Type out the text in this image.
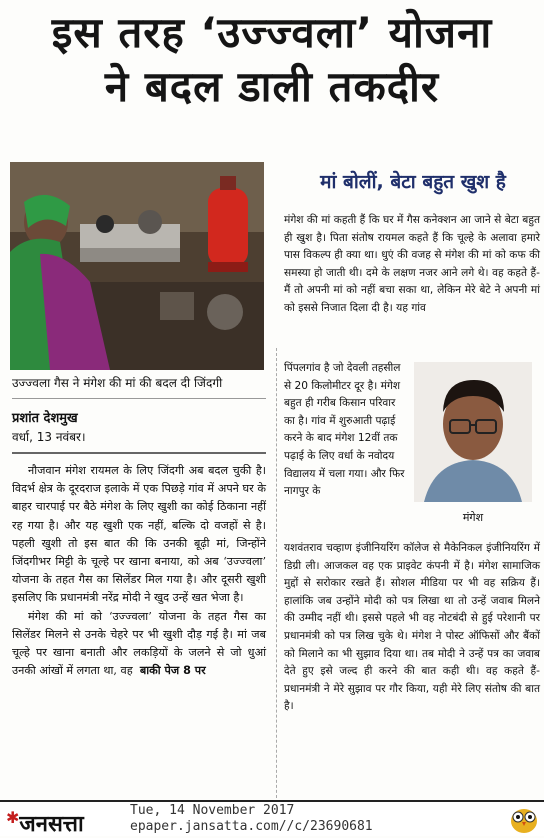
इस तरह ‘उज्ज्वला’ योजना
ने बदल डाली तकदीर
उज्ज्वला गैस ने मंगेश की मां की बदल दी जिंदगी
प्रशांत देशमुख
वर्धा, 13 नवंबर।

नौजवान मंगेश रायमल के लिए जिंदगी अब बदल चुकी है। विदर्भ क्षेत्र के दूरदराज इलाके में एक पिछड़े गांव में अपने घर के बाहर चारपाई पर बैठे मंगेश के लिए खुशी का कोई ठिकाना नहीं रह गया है। और यह खुशी एक नहीं, बल्कि दो वजहों से है। पहली खुशी तो इस बात की कि उनकी बूढ़ी मां, जिन्होंने जिंदगीभर मिट्टी के चूल्हे पर खाना बनाया, को अब ‘उज्ज्वला’ योजना के तहत गैस का सिलेंडर मिल गया है। और दूसरी खुशी इसलिए कि प्रधानमंत्री नरेंद्र मोदी ने खुद उन्हें खत भेजा है।

मंगेश की मां को ‘उज्ज्वला’ योजना के तहत गैस का सिलेंडर मिलने से उनके चेहरे पर भी खुशी दौड़ गई है। मां जब चूल्हे पर खाना बनाती और लकड़ियों के जलने से जो धुआं उनकी आंखों में लगता था, वह बाकी पेज 8 पर

मां बोलीं, बेटा बहुत खुश है

मंगेश की मां कहती हैं कि घर में गैस कनेक्शन आ जाने से बेटा बहुत ही खुश है। पिता संतोष रायमल कहते हैं कि चूल्हे के अलावा हमारे पास विकल्प ही क्या था। धुएं की वजह से मंगेश की मां को कफ की समस्या हो जाती थी। दमे के लक्षण नजर आने लगे थे। वह कहते हैं- मैं तो अपनी मां को नहीं बचा सका था, लेकिन मेरे बेटे ने अपनी मां को इससे निजात दिला दी है। यह गांव

पिंपलगांव है जो देवली तहसील से 20 किलोमीटर दूर है। मंगेश बहुत ही गरीब किसान परिवार का है। गांव में शुरुआती पढ़ाई करने के बाद मंगेश 12वीं तक पढ़ाई के लिए वर्धा के नवोदय विद्यालय में चला गया। और फिर नागपुर के

मंगेश

यशवंतराव चव्हाण इंजीनियरिंग कॉलेज से मैकेनिकल इंजीनियरिंग में डिग्री ली। आजकल वह एक प्राइवेट कंपनी में है। मंगेश सामाजिक मुद्दों से सरोकार रखते हैं। सोशल मीडिया पर भी वह सक्रिय हैं। हालांकि जब उन्होंने मोदी को पत्र लिखा था तो उन्हें जवाब मिलने की उम्मीद नहीं थी। इससे पहले भी वह नोटबंदी से हुई परेशानी पर प्रधानमंत्री को पत्र लिख चुके थे। मंगेश ने पोस्ट ऑफिसों और बैंकों को मिलाने का भी सुझाव दिया था। तब मोदी ने उन्हें पत्र का जवाब देते हुए इसे जल्द ही करने की बात कही थी। वह कहते हैं- प्रधानमंत्री ने मेरे सुझाव पर गौर किया, यही मेरे लिए संतोष की बात है।

✱जनसत्ता
Tue, 14 November 2017
epaper.jansatta.com//c/23690681
